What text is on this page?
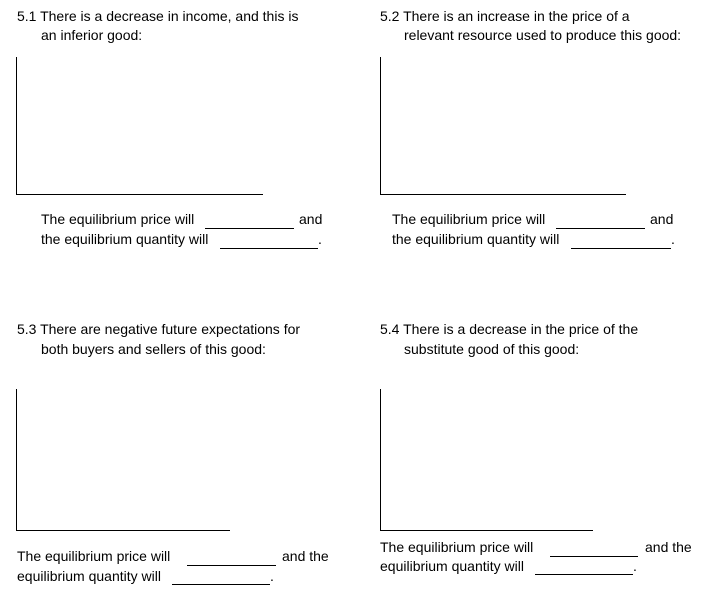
5.1 There is a decrease in income, and this is
an inferior good:
The equilibrium price will	and
the equilibrium quantity will	.
5.2 There is an increase in the price of a
relevant resource used to produce this good:
The equilibrium price will	and
the equilibrium quantity will	.
5.3 There are negative future expectations for
both buyers and sellers of this good:
The equilibrium price will	and the
equilibrium quantity will	.
5.4 There is a decrease in the price of the
substitute good of this good:
The equilibrium price will	and the
equilibrium quantity will	.
